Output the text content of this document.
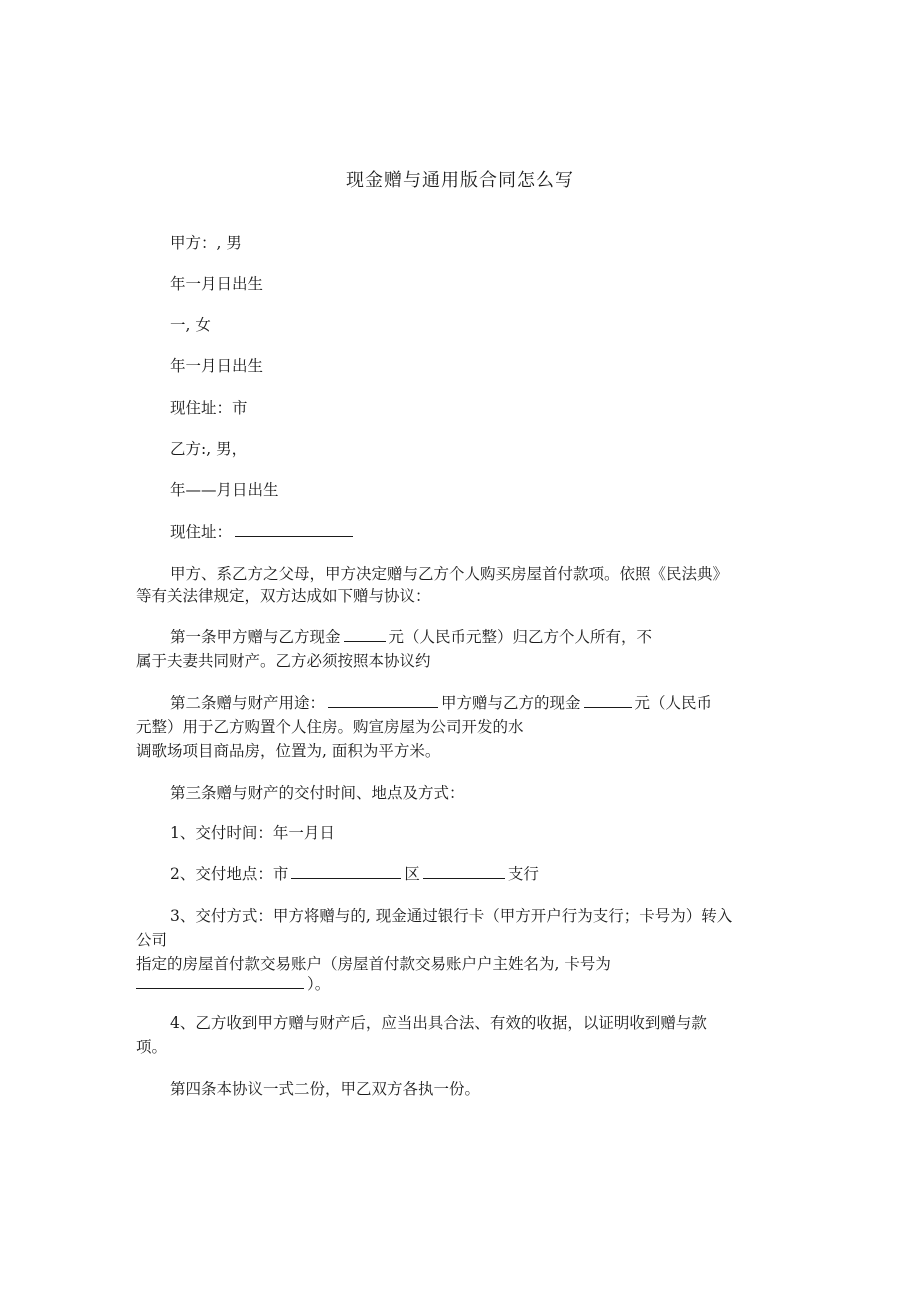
现金赠与通用版合同怎么写
甲方：, 男
年一月日出生
一, 女
年一月日出生
现住址：市
乙方:, 男，
年——月日出生
现住址：
甲方、系乙方之父母，甲方决定赠与乙方个人购买房屋首付款项。依照《民法典》
等有关法律规定，双方达成如下赠与协议：
第一条甲方赠与乙方现金	元（人民币元整）归乙方个人所有，不
属于夫妻共同财产。乙方必须按照本协议约
第二条赠与财产用途：	甲方赠与乙方的现金	元（人民币
元整）用于乙方购置个人住房。购宣房屋为公司开发的水
调歌场项目商品房，位置为, 面积为平方米。
第三条赠与财产的交付时间、地点及方式：
1、交付时间：年一月日
2、交付地点：市	区	支行
3、交付方式：甲方将赠与的, 现金通过银行卡（甲方开户行为支行；卡号为）转入
公司
指定的房屋首付款交易账户（房屋首付款交易账户户主姓名为, 卡号为
）。
4、乙方收到甲方赠与财产后，应当出具合法、有效的收据，以证明收到赠与款
项。
第四条本协议一式二份，甲乙双方各执一份。
